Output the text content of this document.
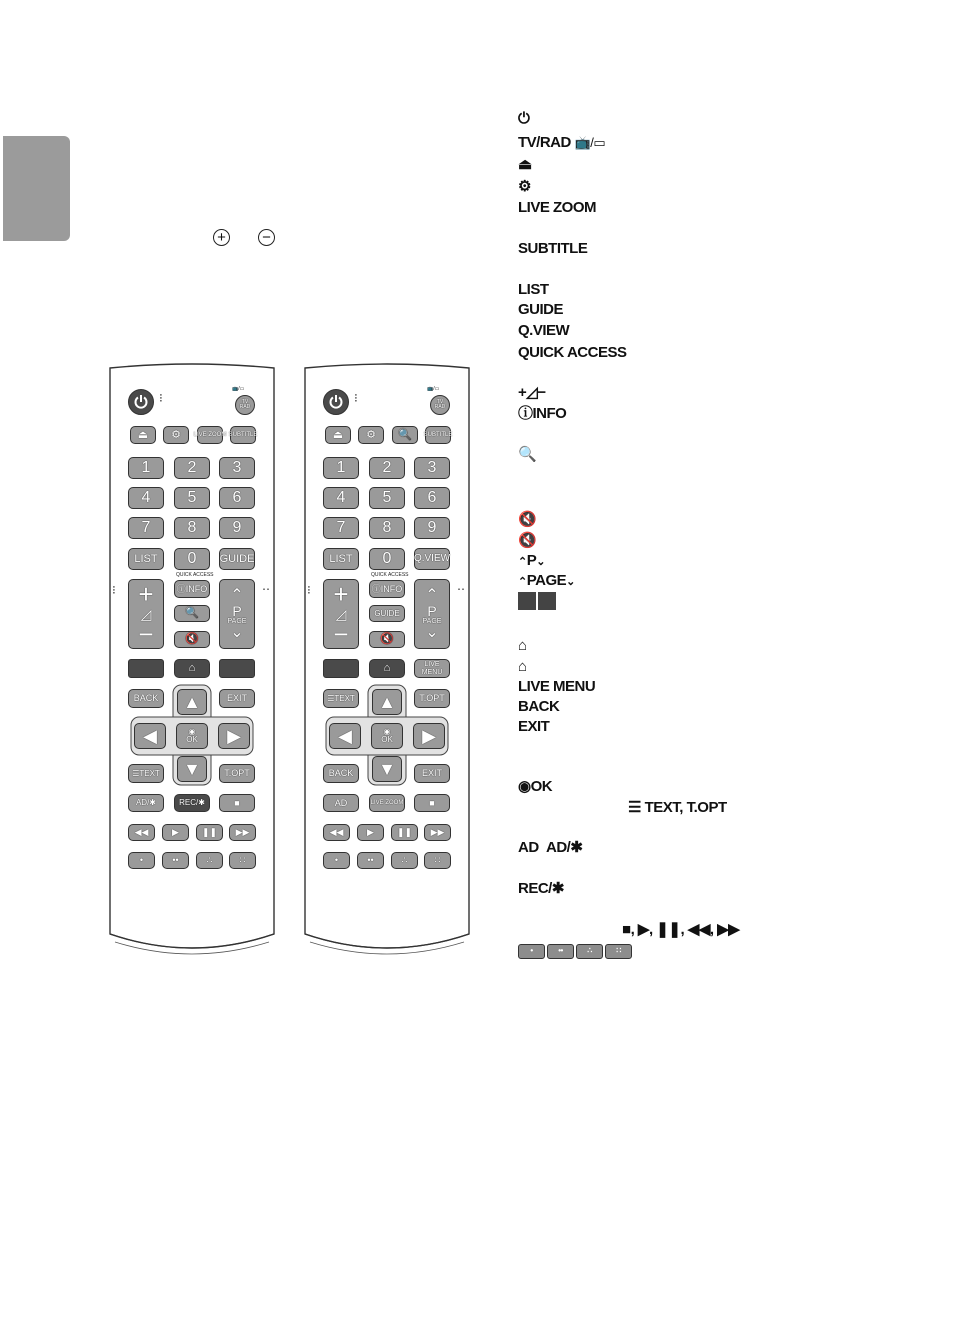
+ −
⁝
📺/▭
TV
RAD
⏏ ⚙ LIVE ZOOM SUBTITLE
1	2	3
4	5	6
7	8	9
LIST	0	GUIDE
QUICK ACCESS
⁝	‥
+
◿
−
ⓘINFO
🔍
🔇
⌃
P
PAGE
⌄
⌂
BACK	EXIT
▲
◀	◉
OK ▶
▼
☰TEXT	T.OPT
AD/✱	REC/✱	■
◀◀	▶	❚❚ ▶▶
•	••	∴	∷
⁝
📺/▭
TV
RAD
⏏ ⚙ 🔍 SUBTITLE
1	2	3
4	5	6
7	8	9
LIST	0	Q.VIEW
QUICK ACCESS
⁝	‥
+
◿
−
ⓘINFO
GUIDE
🔇
⌃
P
PAGE
⌄
⌂	LIVE MENU
☰TEXT	T.OPT
▲
◀	◉
OK ▶
▼
BACK	EXIT
AD	LIVE ZOOM	■
◀◀	▶	❚❚ ▶▶
•	••	∴	∷
⏻
TV/RAD 📺/▭
⏏
⚙
LIVE ZOOM
SUBTITLE
LIST
GUIDE
Q.VIEW
QUICK ACCESS
+◿−
ⓘINFO
🔍
🔇
🔇
⌃P⌄
⌃PAGE⌄
⌂
⌂
LIVE MENU
BACK
EXIT
◉OK
☰ TEXT, T.OPT
AD AD/✱
REC/✱
■, ▶, ❚❚, ◀◀, ▶▶
•	••	∴	∷
